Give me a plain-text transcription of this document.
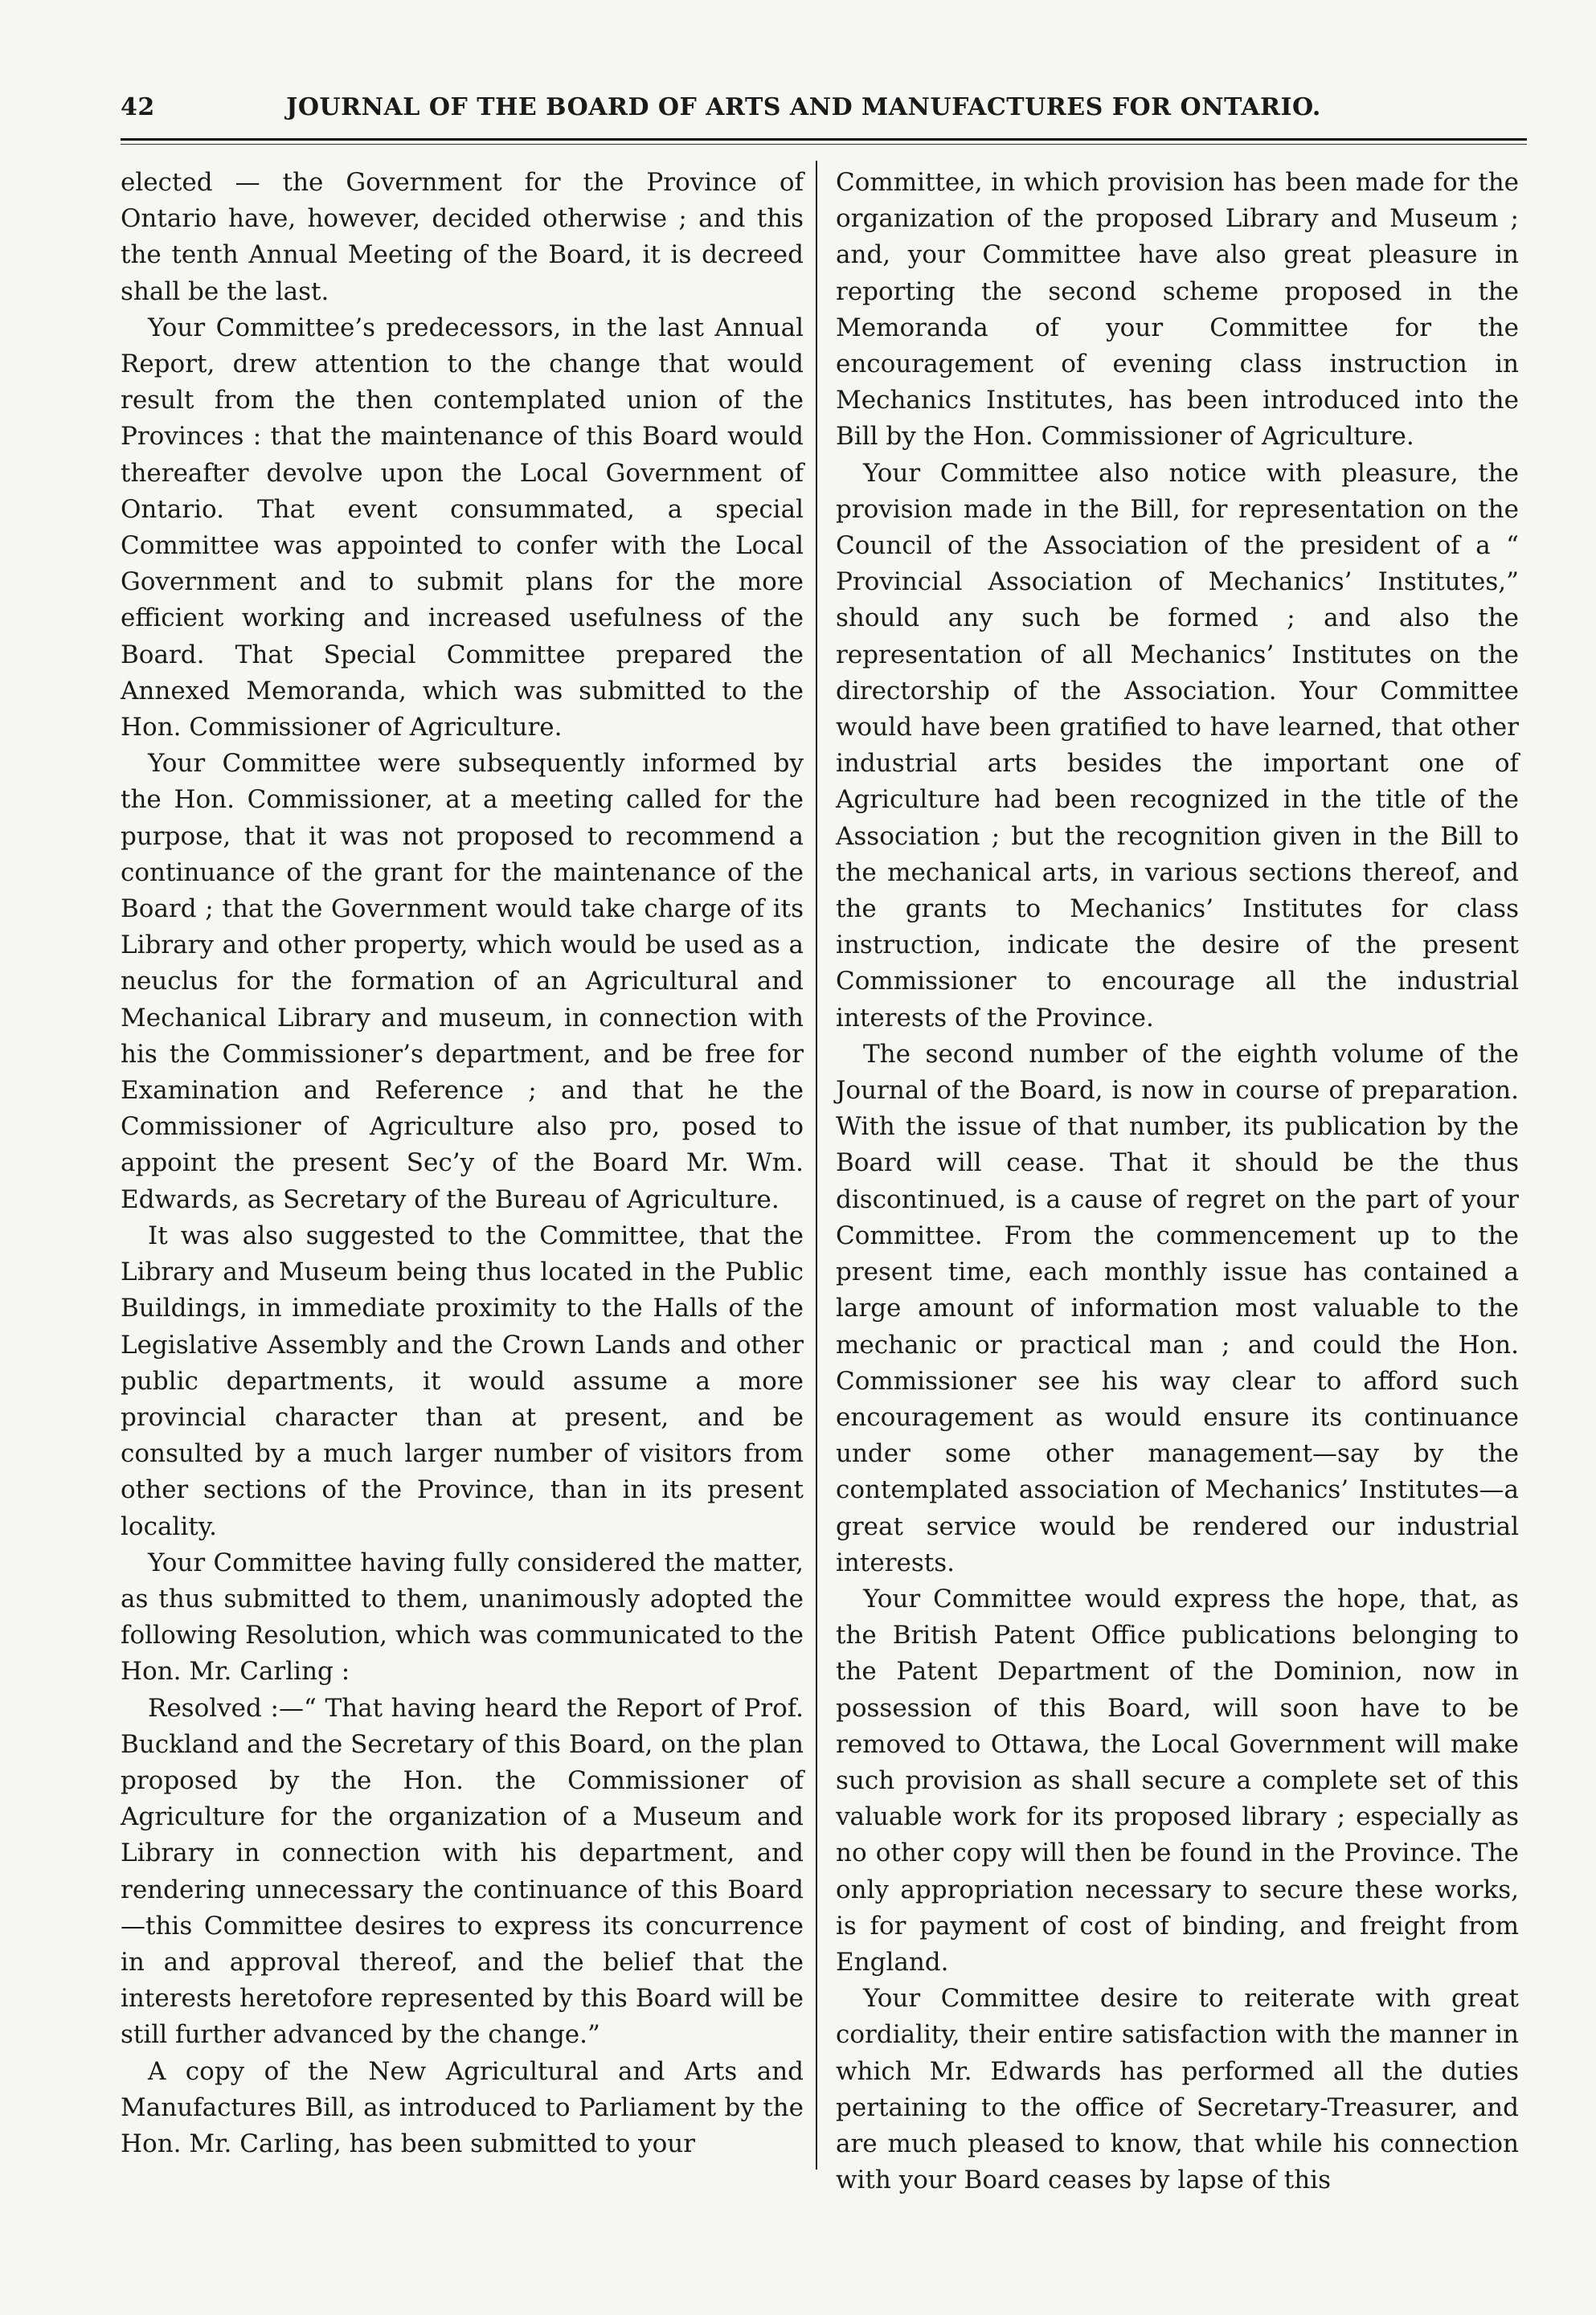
42	JOURNAL OF THE BOARD OF ARTS AND MANUFACTURES FOR ONTARIO.

elected — the Government for the Province of Ontario have, however, decided otherwise ; and this the tenth Annual Meeting of the Board, it is decreed shall be the last.

Your Committee’s predecessors, in the last Annual Report, drew attention to the change that would result from the then contemplated union of the Provinces : that the maintenance of this Board would thereafter devolve upon the Local Government of Ontario. That event consummated, a special Committee was appointed to confer with the Local Government and to submit plans for the more efficient working and increased usefulness of the Board. That Special Committee prepared the Annexed Memoranda, which was submitted to the Hon. Commissioner of Agriculture.

Your Committee were subsequently informed by the Hon. Commissioner, at a meeting called for the purpose, that it was not proposed to recommend a continuance of the grant for the maintenance of the Board ; that the Government would take charge of its Library and other property, which would be used as a neuclus for the formation of an Agricultural and Mechanical Library and museum, in connection with his the Commissioner’s department, and be free for Examination and Reference ; and that he the Commissioner of Agriculture also pro, posed to appoint the present Sec’y of the Board Mr. Wm. Edwards, as Secretary of the Bureau of Agriculture.

It was also suggested to the Committee, that the Library and Museum being thus located in the Public Buildings, in immediate proximity to the Halls of the Legislative Assembly and the Crown Lands and other public departments, it would assume a more provincial character than at present, and be consulted by a much larger number of visitors from other sections of the Province, than in its present locality.

Your Committee having fully considered the matter, as thus submitted to them, unanimously adopted the following Resolution, which was communicated to the Hon. Mr. Carling :

Resolved :—“ That having heard the Report of Prof. Buckland and the Secretary of this Board, on the plan proposed by the Hon. the Commissioner of Agriculture for the organization of a Museum and Library in connection with his department, and rendering unnecessary the continuance of this Board—this Committee desires to express its concurrence in and approval thereof, and the belief that the interests heretofore represented by this Board will be still further advanced by the change.”

A copy of the New Agricultural and Arts and Manufactures Bill, as introduced to Parliament by the Hon. Mr. Carling, has been submitted to your

Committee, in which provision has been made for the organization of the proposed Library and Museum ; and, your Committee have also great pleasure in reporting the second scheme proposed in the Memoranda of your Committee for the encouragement of evening class instruction in Mechanics Institutes, has been introduced into the Bill by the Hon. Commissioner of Agriculture.

Your Committee also notice with pleasure, the provision made in the Bill, for representation on the Council of the Association of the president of a “ Provincial Association of Mechanics’ Institutes,” should any such be formed ; and also the representation of all Mechanics’ Institutes on the directorship of the Association. Your Committee would have been gratified to have learned, that other industrial arts besides the important one of Agriculture had been recognized in the title of the Association ; but the recognition given in the Bill to the mechanical arts, in various sections thereof, and the grants to Mechanics’ Institutes for class instruction, indicate the desire of the present Commissioner to encourage all the industrial interests of the Province.

The second number of the eighth volume of the Journal of the Board, is now in course of preparation. With the issue of that number, its publication by the Board will cease. That it should be the thus discontinued, is a cause of regret on the part of your Committee. From the commencement up to the present time, each monthly issue has contained a large amount of information most valuable to the mechanic or practical man ; and could the Hon. Commissioner see his way clear to afford such encouragement as would ensure its continuance under some other management—say by the contemplated association of Mechanics’ Institutes—a great service would be rendered our industrial interests.

Your Committee would express the hope, that, as the British Patent Office publications belonging to the Patent Department of the Dominion, now in possession of this Board, will soon have to be removed to Ottawa, the Local Government will make such provision as shall secure a complete set of this valuable work for its proposed library ; especially as no other copy will then be found in the Province. The only appropriation necessary to secure these works, is for payment of cost of binding, and freight from England.

Your Committee desire to reiterate with great cordiality, their entire satisfaction with the manner in which Mr. Edwards has performed all the duties pertaining to the office of Secretary-Treasurer, and are much pleased to know, that while his connection with your Board ceases by lapse of this
